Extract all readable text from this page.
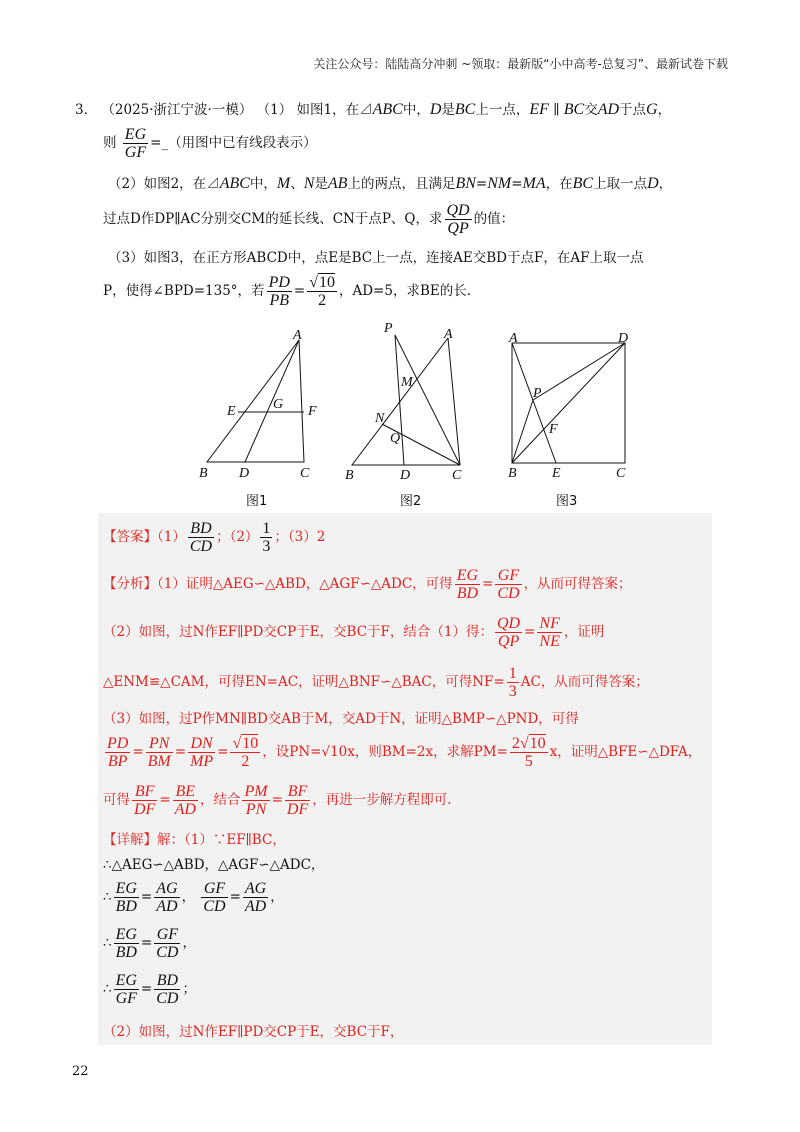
关注公众号：陆陆高分冲刺 ~领取：最新版“小中高考-总复习”、最新试卷下载
3． （2025·浙江宁波·一模） （1） 如图1，在⊿ABC中，D是BC上一点，EF ∥ BC交AD于点G，
则 $\frac{EG}{GF}$ =_（用图中已有线段表示）
（2）如图2，在⊿ABC中，M、N是AB上的两点，且满足BN=NM=MA，在BC上取一点D，
过点D作DP∥AC分别交CM的延长线、CN于点P、Q，求 $\frac{QD}{QP}$ 的值：
（3）如图3，在正方形ABCD中，点E是BC上一点，连接AE交BD于点F，在AF上取一点
P，使得∠BPD=135°，若 $\frac{PD}{PB} = \frac{√10}{2}$ ，AD=5，求BE的长.
A
E	G F
B D	C
图1
P	A
M
N
Q
B	D	C
图2
A	D
P
F
B	E	C
图3
【答案】$(1) \frac{BD}{CD}$ ；$(2) \frac{1}{3}$ ；（3）2
【分析】（1）证明△AEG∽△ABD，△AGF∽△ADC，可得 $\frac{EG}{BD} = \frac{GF}{CD}$ ，从而可得答案；
（2）如图，过N作EF∥PD交CP于E，交BC于F，结合（1）得： $\frac{QD}{QP} = \frac{NF}{NE}$ ，证明
△ENM≌△CAM，可得EN=AC，证明△BNF∽△BAC，可得$NF= \frac{1}{3}$ AC，从而可得答案；
（3）如图，过P作MN∥BD交AB于M，交AD于N，证明△BMP∽△PND，可得
$\frac{PD}{BP} = \frac{PN}{BM} = \frac{DN}{MP} = \frac{√10}{2}$ ，设PN=√10x，则BM=2x，求解$PM= \frac{2√10}{5}$ x，证明△BFE∽△DFA，
可得 $\frac{BF}{DF} = \frac{BE}{AD}$ ，结合 $\frac{PM}{PN} = \frac{BF}{DF}$ ，再进一步解方程即可.
【详解】解：（1）∵EF∥BC，
∴△AEG∽△ABD，△AGF∽△ADC，
∴ $\frac{EG}{BD} = \frac{AG}{AD}$ ， $\frac{GF}{CD} = \frac{AG}{AD}$ ，
∴ $\frac{EG}{BD} = \frac{GF}{CD}$ ，
∴ $\frac{EG}{GF} = \frac{BD}{CD}$ ；
（2）如图，过N作EF∥PD交CP于E，交BC于F，
22
